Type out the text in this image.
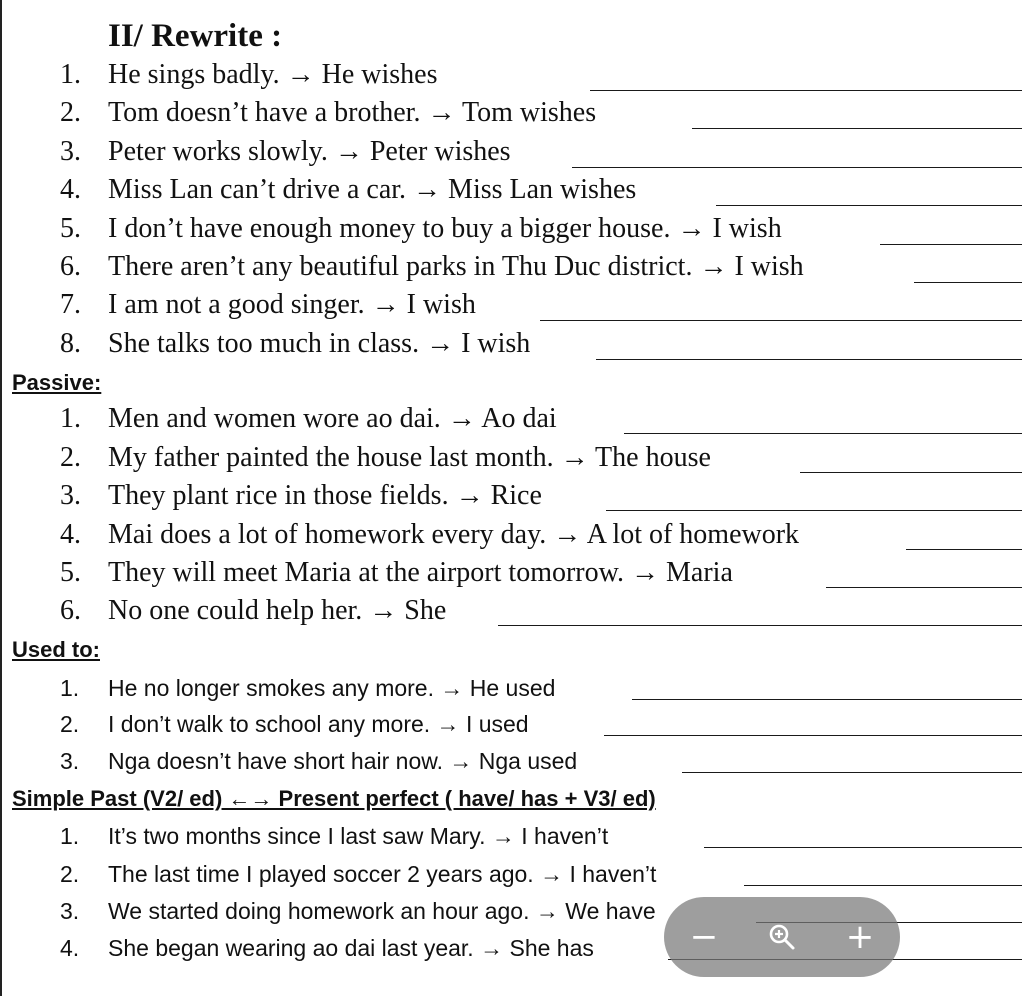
II/ Rewrite :
1. He sings badly. → He wishes
2. Tom doesn’t have a brother. → Tom wishes
3. Peter works slowly. → Peter wishes
4. Miss Lan can’t drive a car. → Miss Lan wishes
5. I don’t have enough money to buy a bigger house. → I wish
6. There aren’t any beautiful parks in Thu Duc district. → I wish
7. I am not a good singer. → I wish
8. She talks too much in class. → I wish
Passive:
1. Men and women wore ao dai. → Ao dai
2. My father painted the house last month. → The house
3. They plant rice in those fields. → Rice
4. Mai does a lot of homework every day. → A lot of homework
5. They will meet Maria at the airport tomorrow. → Maria
6. No one could help her. → She
Used to:
1. He no longer smokes any more. → He used
2. I don’t walk to school any more. → I used
3. Nga doesn’t have short hair now. → Nga used
Simple Past (V2/ ed) ←→ Present perfect ( have/ has + V3/ ed)
1. It’s two months since I last saw Mary. → I haven’t
2. The last time I played soccer 2 years ago. → I haven’t
3. We started doing homework an hour ago. → We have
4. She began wearing ao dai last year. → She has	−	+
